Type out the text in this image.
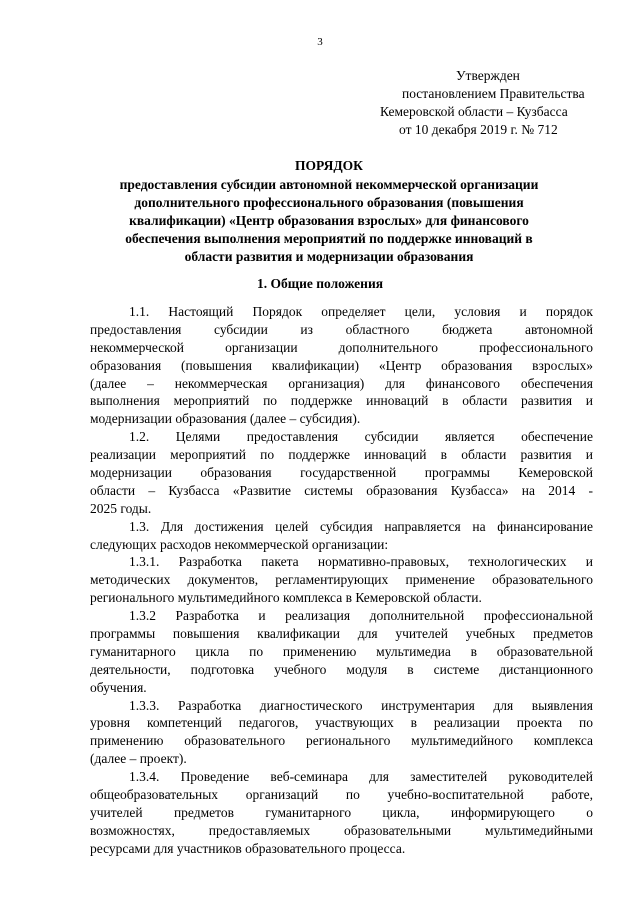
3
Утвержден
постановлением Правительства
Кемеровской области – Кузбасса
от 10 декабря 2019 г. № 712
ПОРЯДОК
предоставления субсидии автономной некоммерческой организации
дополнительного профессионального образования (повышения
квалификации) «Центр образования взрослых» для финансового
обеспечения выполнения мероприятий по поддержке инноваций в
области развития и модернизации образования
1. Общие положения
1.1. Настоящий Порядок определяет цели, условия и порядок
предоставления субсидии из областного бюджета автономной
некоммерческой организации дополнительного профессионального
образования (повышения квалификации) «Центр образования взрослых»
(далее – некоммерческая организация) для финансового обеспечения
выполнения мероприятий по поддержке инноваций в области развития и
модернизации образования (далее – субсидия).
1.2. Целями предоставления субсидии является обеспечение
реализации мероприятий по поддержке инноваций в области развития и
модернизации образования государственной программы Кемеровской
области – Кузбасса «Развитие системы образования Кузбасса» на 2014 -
2025 годы.
1.3. Для достижения целей субсидия направляется на финансирование
следующих расходов некоммерческой организации:
1.3.1. Разработка пакета нормативно-правовых, технологических и
методических документов, регламентирующих применение образовательного
регионального мультимедийного комплекса в Кемеровской области.
1.3.2 Разработка и реализация дополнительной профессиональной
программы повышения квалификации для учителей учебных предметов
гуманитарного цикла по применению мультимедиа в образовательной
деятельности, подготовка учебного модуля в системе дистанционного
обучения.
1.3.3. Разработка диагностического инструментария для выявления
уровня компетенций педагогов, участвующих в реализации проекта по
применению образовательного регионального мультимедийного комплекса
(далее – проект).
1.3.4. Проведение веб-семинара для заместителей руководителей
общеобразовательных организаций по учебно-воспитательной работе,
учителей предметов гуманитарного цикла, информирующего о
возможностях, предоставляемых образовательными мультимедийными
ресурсами для участников образовательного процесса.
